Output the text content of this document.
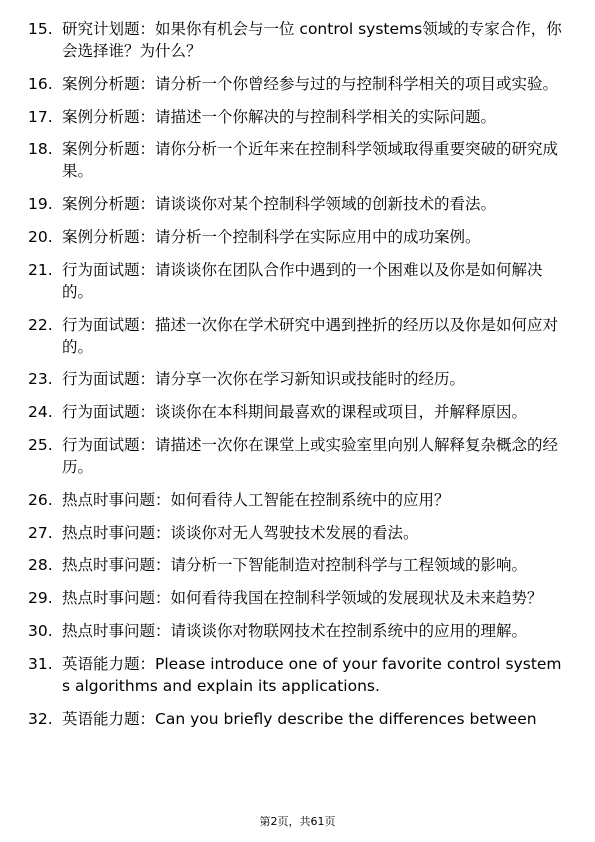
15. 研究计划题：如果你有机会与一位 control systems领域的专家合作，你会选择谁？为什么？
16. 案例分析题：请分析一个你曾经参与过的与控制科学相关的项目或实验。
17. 案例分析题：请描述一个你解决的与控制科学相关的实际问题。
18. 案例分析题：请你分析一个近年来在控制科学领域取得重要突破的研究成果。
19. 案例分析题：请谈谈你对某个控制科学领域的创新技术的看法。
20. 案例分析题：请分析一个控制科学在实际应用中的成功案例。
21. 行为面试题：请谈谈你在团队合作中遇到的一个困难以及你是如何解决的。
22. 行为面试题：描述一次你在学术研究中遇到挫折的经历以及你是如何应对的。
23. 行为面试题：请分享一次你在学习新知识或技能时的经历。
24. 行为面试题：谈谈你在本科期间最喜欢的课程或项目，并解释原因。
25. 行为面试题：请描述一次你在课堂上或实验室里向别人解释复杂概念的经历。
26. 热点时事问题：如何看待人工智能在控制系统中的应用？
27. 热点时事问题：谈谈你对无人驾驶技术发展的看法。
28. 热点时事问题：请分析一下智能制造对控制科学与工程领域的影响。
29. 热点时事问题：如何看待我国在控制科学领域的发展现状及未来趋势？
30. 热点时事问题：请谈谈你对物联网技术在控制系统中的应用的理解。
31. 英语能力题：Please introduce one of your favorite control systems algorithms and explain its applications.
32. 英语能力题：Can you briefly describe the differences between
第2页，共61页
